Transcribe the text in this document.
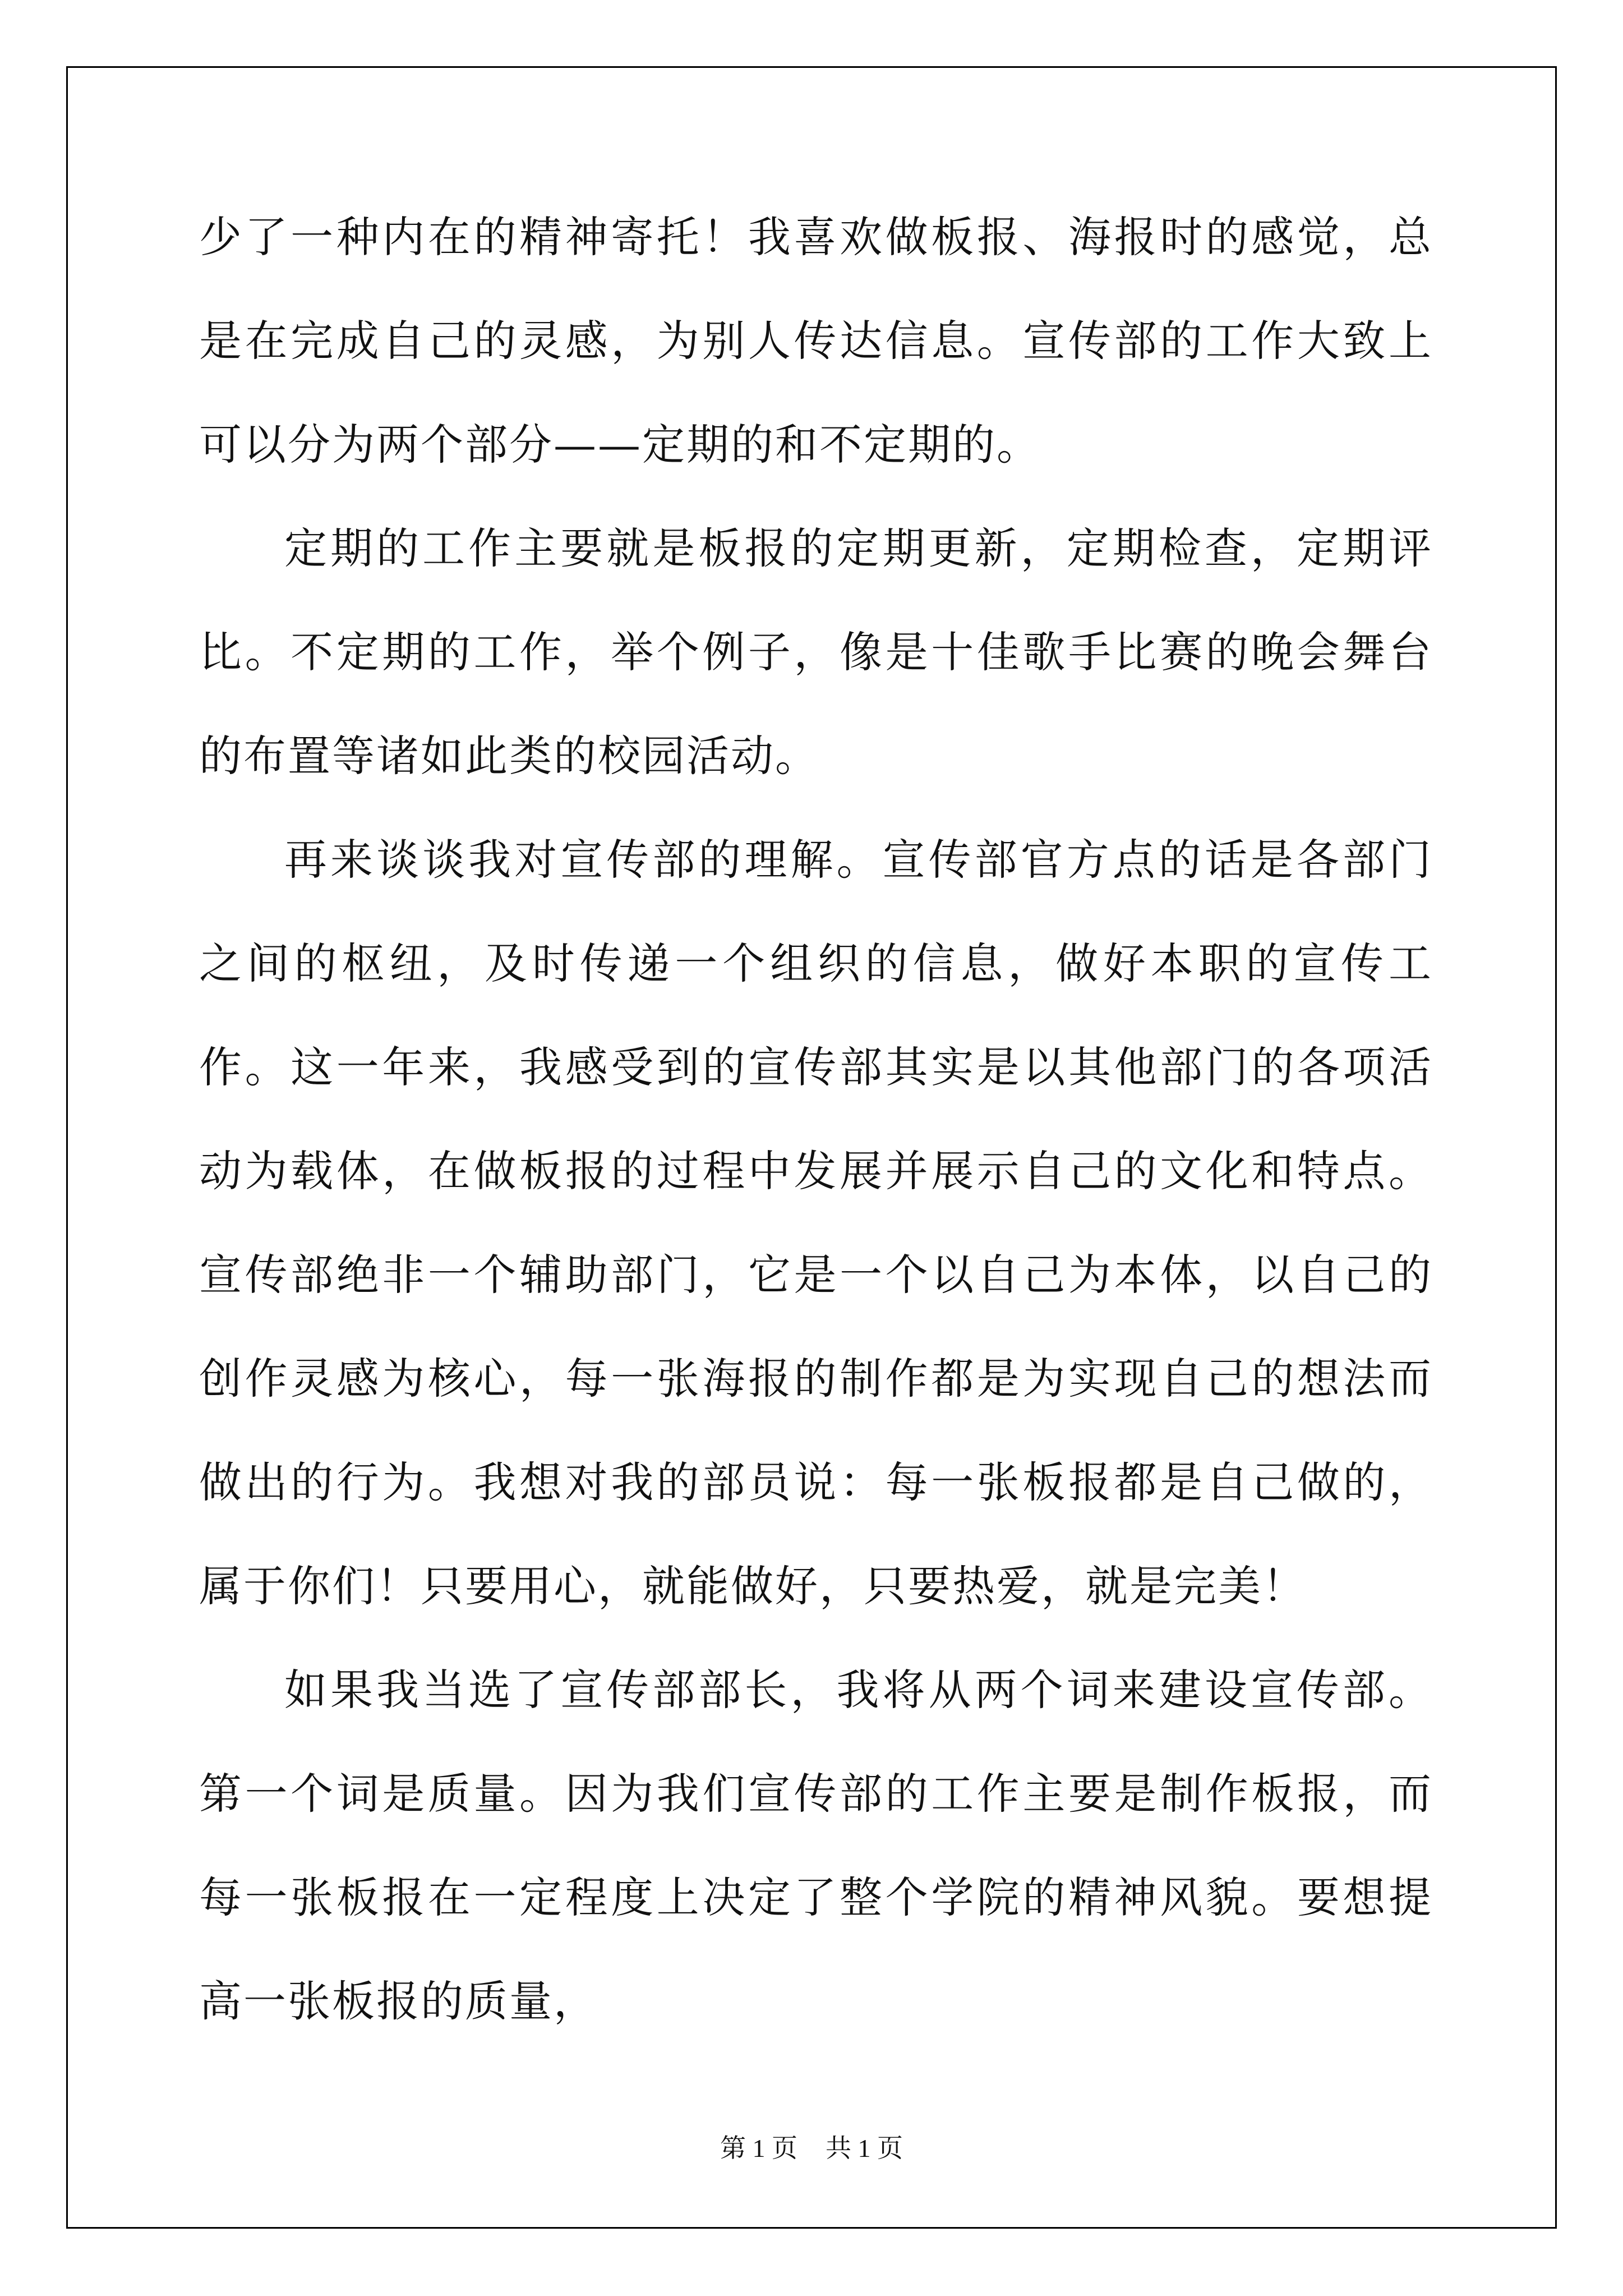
少了一种内在的精神寄托！我喜欢做板报、海报时的感觉，总是在完成自己的灵感，为别人传达信息。宣传部的工作大致上可以分为两个部分——定期的和不定期的。

定期的工作主要就是板报的定期更新，定期检查，定期评比。不定期的工作，举个例子，像是十佳歌手比赛的晚会舞台的布置等诸如此类的校园活动。

再来谈谈我对宣传部的理解。宣传部官方点的话是各部门之间的枢纽，及时传递一个组织的信息，做好本职的宣传工作。这一年来，我感受到的宣传部其实是以其他部门的各项活动为载体，在做板报的过程中发展并展示自己的文化和特点。宣传部绝非一个辅助部门，它是一个以自己为本体，以自己的创作灵感为核心，每一张海报的制作都是为实现自己的想法而做出的行为。我想对我的部员说：每一张板报都是自己做的，属于你们！只要用心，就能做好，只要热爱，就是完美！

如果我当选了宣传部部长，我将从两个词来建设宣传部。第一个词是质量。因为我们宣传部的工作主要是制作板报，而每一张板报在一定程度上决定了整个学院的精神风貌。要想提高一张板报的质量，

第 1 页 共 1 页
